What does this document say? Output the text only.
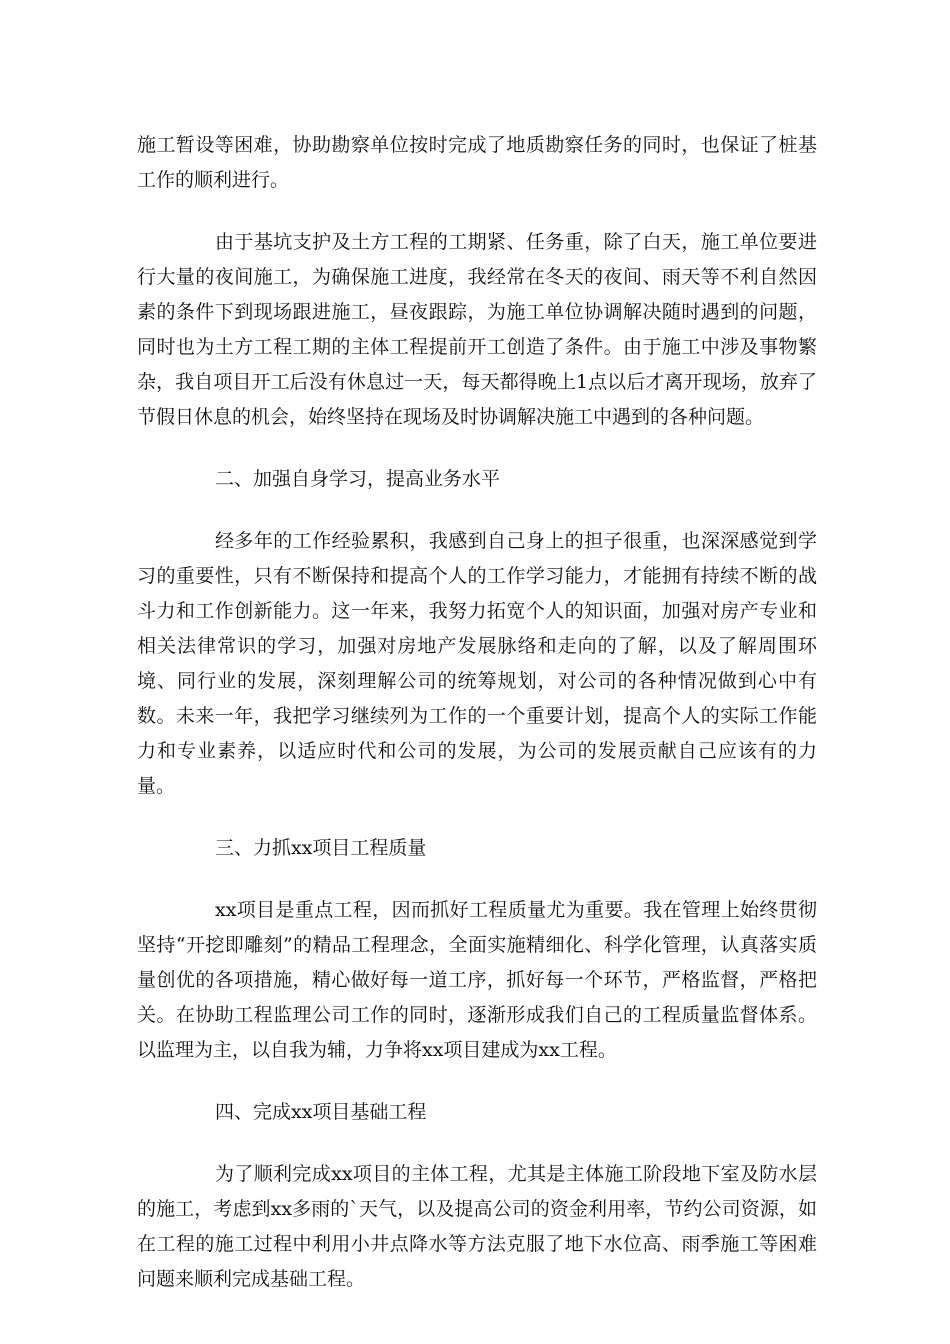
施工暂设等困难，协助勘察单位按时完成了地质勘察任务的同时，也保证了桩基工作的顺利进行。

由于基坑支护及土方工程的工期紧、任务重，除了白天，施工单位要进行大量的夜间施工，为确保施工进度，我经常在冬天的夜间、雨天等不利自然因素的条件下到现场跟进施工，昼夜跟踪，为施工单位协调解决随时遇到的问题，同时也为土方工程工期的主体工程提前开工创造了条件。由于施工中涉及事物繁杂，我自项目开工后没有休息过一天，每天都得晚上1点以后才离开现场，放弃了节假日休息的机会，始终坚持在现场及时协调解决施工中遇到的各种问题。

二、加强自身学习，提高业务水平

经多年的工作经验累积，我感到自己身上的担子很重，也深深感觉到学习的重要性，只有不断保持和提高个人的工作学习能力，才能拥有持续不断的战斗力和工作创新能力。这一年来，我努力拓宽个人的知识面，加强对房产专业和相关法律常识的学习，加强对房地产发展脉络和走向的了解，以及了解周围环境、同行业的发展，深刻理解公司的统筹规划，对公司的各种情况做到心中有数。未来一年，我把学习继续列为工作的一个重要计划，提高个人的实际工作能力和专业素养，以适应时代和公司的发展，为公司的发展贡献自己应该有的力量。

三、力抓xx项目工程质量

xx项目是重点工程，因而抓好工程质量尤为重要。我在管理上始终贯彻坚持“开挖即雕刻”的精品工程理念，全面实施精细化、科学化管理，认真落实质量创优的各项措施，精心做好每一道工序，抓好每一个环节，严格监督，严格把关。在协助工程监理公司工作的同时，逐渐形成我们自己的工程质量监督体系。以监理为主，以自我为辅，力争将xx项目建成为xx工程。

四、完成xx项目基础工程

为了顺利完成xx项目的主体工程，尤其是主体施工阶段地下室及防水层的施工，考虑到xx多雨的`天气，以及提高公司的资金利用率，节约公司资源，如在工程的施工过程中利用小井点降水等方法克服了地下水位高、雨季施工等困难问题来顺利完成基础工程。
